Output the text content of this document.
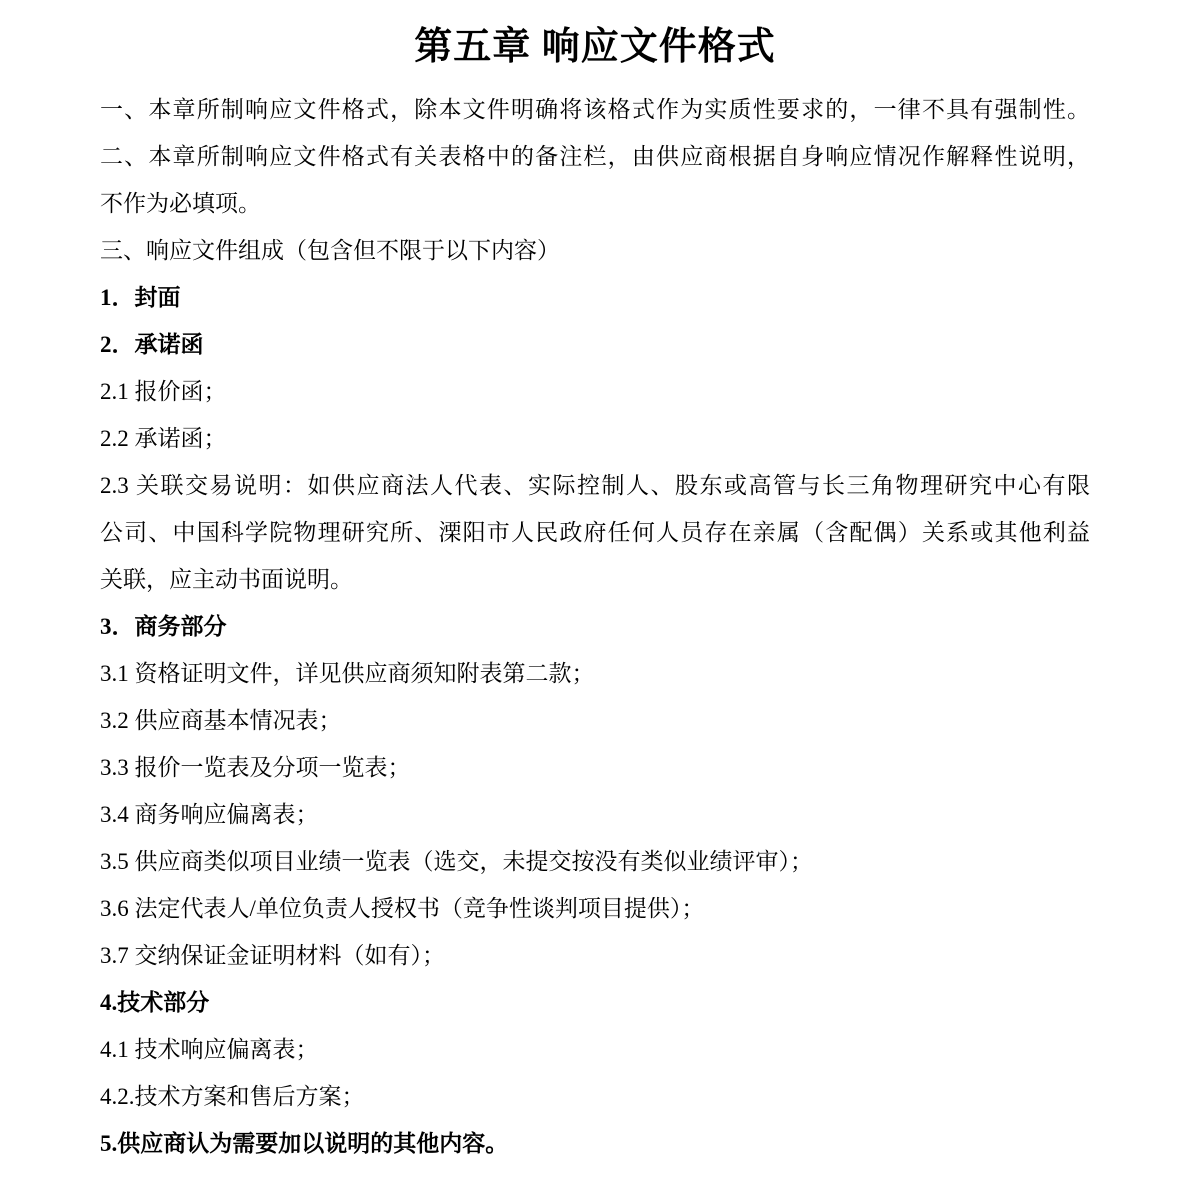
第五章 响应文件格式
一、本章所制响应文件格式，除本文件明确将该格式作为实质性要求的，一律不具有强制性。
二、本章所制响应文件格式有关表格中的备注栏，由供应商根据自身响应情况作解释性说明，
不作为必填项。
三、响应文件组成（包含但不限于以下内容）
1．封面
2．承诺函
2.1 报价函；
2.2 承诺函；
2.3 关联交易说明：如供应商法人代表、实际控制人、股东或高管与长三角物理研究中心有限
公司、中国科学院物理研究所、溧阳市人民政府任何人员存在亲属（含配偶）关系或其他利益
关联，应主动书面说明。
3．商务部分
3.1 资格证明文件，详见供应商须知附表第二款；
3.2 供应商基本情况表；
3.3 报价一览表及分项一览表；
3.4 商务响应偏离表；
3.5 供应商类似项目业绩一览表（选交，未提交按没有类似业绩评审）；
3.6 法定代表人/单位负责人授权书（竞争性谈判项目提供）；
3.7 交纳保证金证明材料（如有）；
4.技术部分
4.1 技术响应偏离表；
4.2.技术方案和售后方案；
5.供应商认为需要加以说明的其他内容。
